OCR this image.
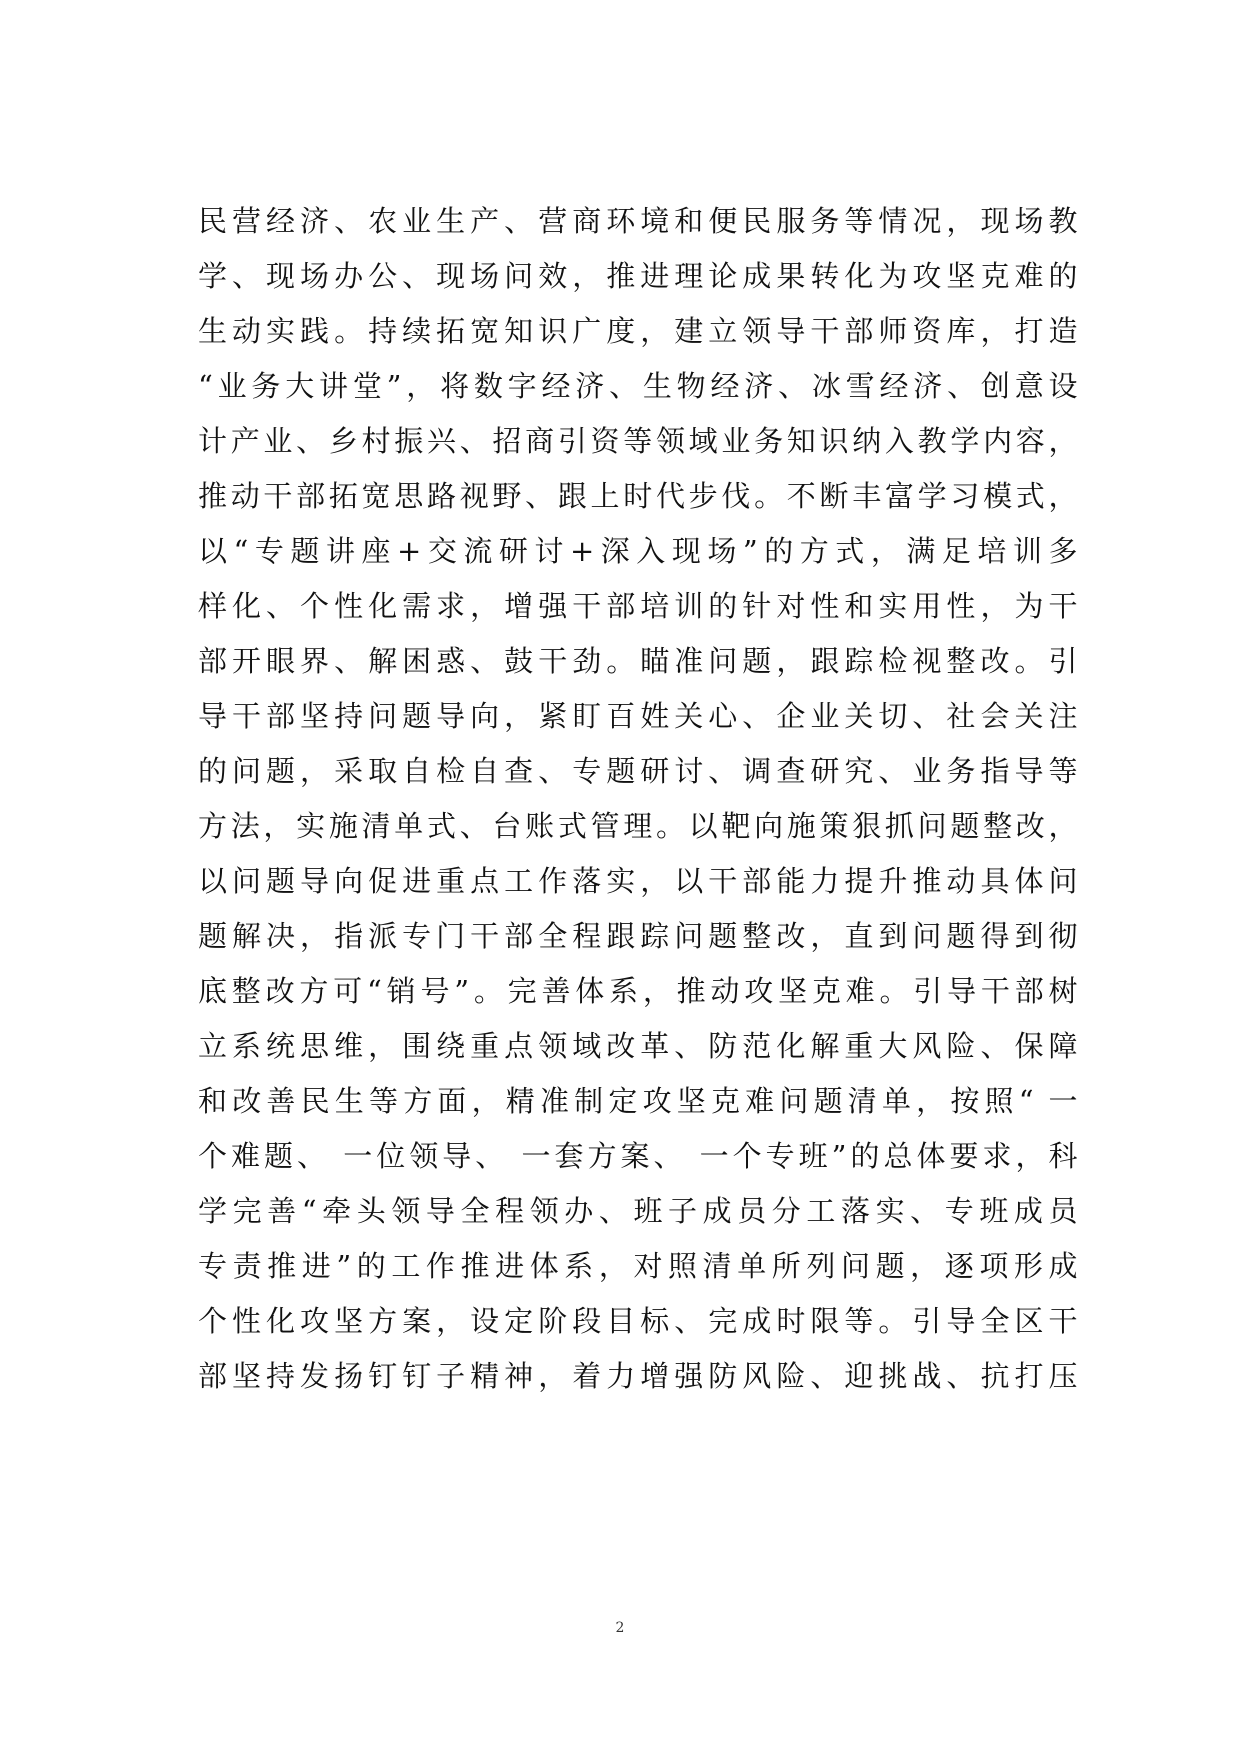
民营经济、农业生产、营商环境和便民服务等情况，现场教
学、现场办公、现场问效，推进理论成果转化为攻坚克难的
生动实践。持续拓宽知识广度，建立领导干部师资库，打造
“业务大讲堂”，将数字经济、生物经济、冰雪经济、创意设
计产业、乡村振兴、招商引资等领域业务知识纳入教学内容，
推动干部拓宽思路视野、跟上时代步伐。不断丰富学习模式，
以“专题讲座+交流研讨+深入现场”的方式，满足培训多
样化、个性化需求，增强干部培训的针对性和实用性，为干
部开眼界、解困惑、鼓干劲。瞄准问题，跟踪检视整改。引
导干部坚持问题导向，紧盯百姓关心、企业关切、社会关注
的问题，采取自检自查、专题研讨、调查研究、业务指导等
方法，实施清单式、台账式管理。以靶向施策狠抓问题整改，
以问题导向促进重点工作落实，以干部能力提升推动具体问
题解决，指派专门干部全程跟踪问题整改，直到问题得到彻
底整改方可“销号”。完善体系，推动攻坚克难。引导干部树
立系统思维，围绕重点领域改革、防范化解重大风险、保障
和改善民生等方面，精准制定攻坚克难问题清单，按照“ 一
个难题、 一位领导、 一套方案、 一个专班”的总体要求，科
学完善“牵头领导全程领办、班子成员分工落实、专班成员
专责推进”的工作推进体系，对照清单所列问题，逐项形成
个性化攻坚方案，设定阶段目标、完成时限等。引导全区干
部坚持发扬钉钉子精神，着力增强防风险、迎挑战、抗打压
2
